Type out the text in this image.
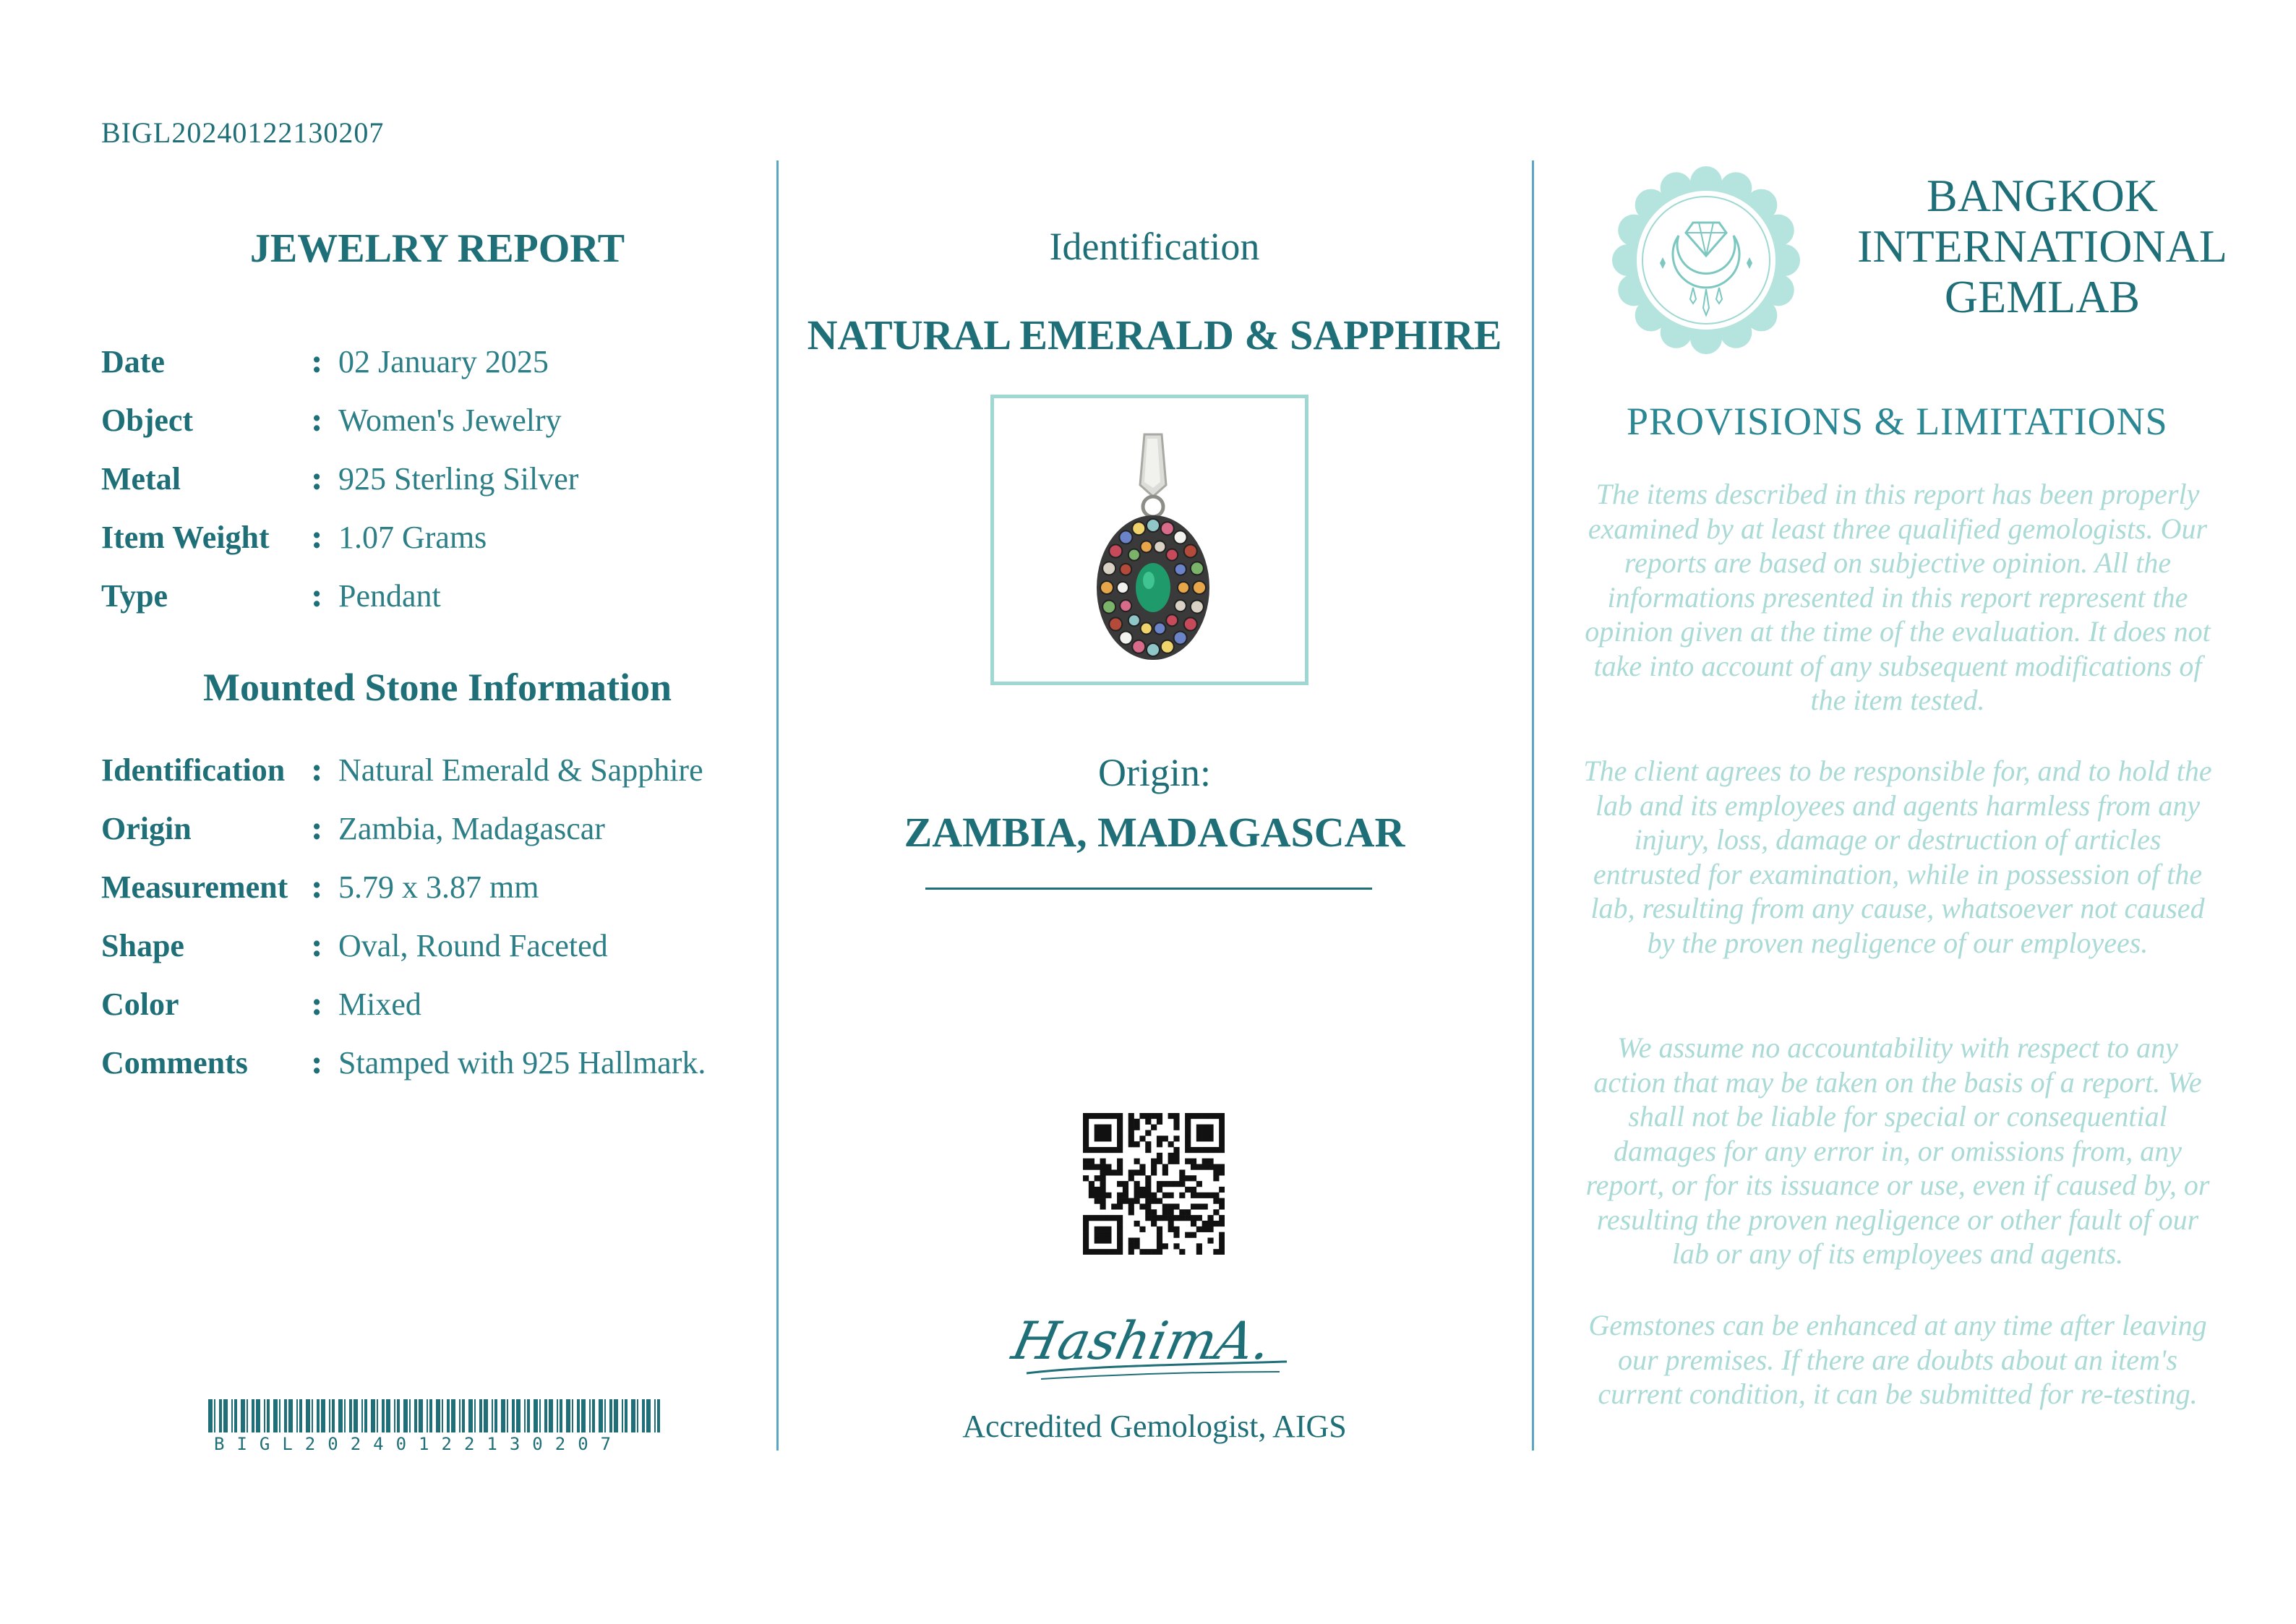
BIGL20240122130207
JEWELRY REPORT
Date	: 02 January 2025
Object	: Women's Jewelry
Metal	: 925 Sterling Silver
Item Weight	: 1.07 Grams
Type	: Pendant
Mounted Stone Information
Identification : Natural Emerald & Sapphire
Origin	: Zambia, Madagascar
Measurement : 5.79 x 3.87 mm
Shape	: Oval, Round Faceted
Color	: Mixed
Comments	: Stamped with 925 Hallmark.
BIGL20240122130207
Identification
NATURAL EMERALD & SAPPHIRE
Origin:
ZAMBIA, MADAGASCAR
HashimA.
Accredited Gemologist, AIGS
BANGKOK
INTERNATIONAL
GEMLAB
PROVISIONS & LIMITATIONS
The items described in this report has been properly examined by at least three qualified gemologists. Our reports are based on subjective opinion. All the informations presented in this report represent the opinion given at the time of the evaluation. It does not take into account of any subsequent modifications of the item tested.
The client agrees to be responsible for, and to hold the lab and its employees and agents harmless from any injury, loss, damage or destruction of articles entrusted for examination, while in possession of the lab, resulting from any cause, whatsoever not caused by the proven negligence of our employees.
We assume no accountability with respect to any action that may be taken on the basis of a report. We shall not be liable for special or consequential damages for any error in, or omissions from, any report, or for its issuance or use, even if caused by, or resulting the proven negligence or other fault of our lab or any of its employees and agents.
Gemstones can be enhanced at any time after leaving our premises. If there are doubts about an item's current condition, it can be submitted for re-testing.
